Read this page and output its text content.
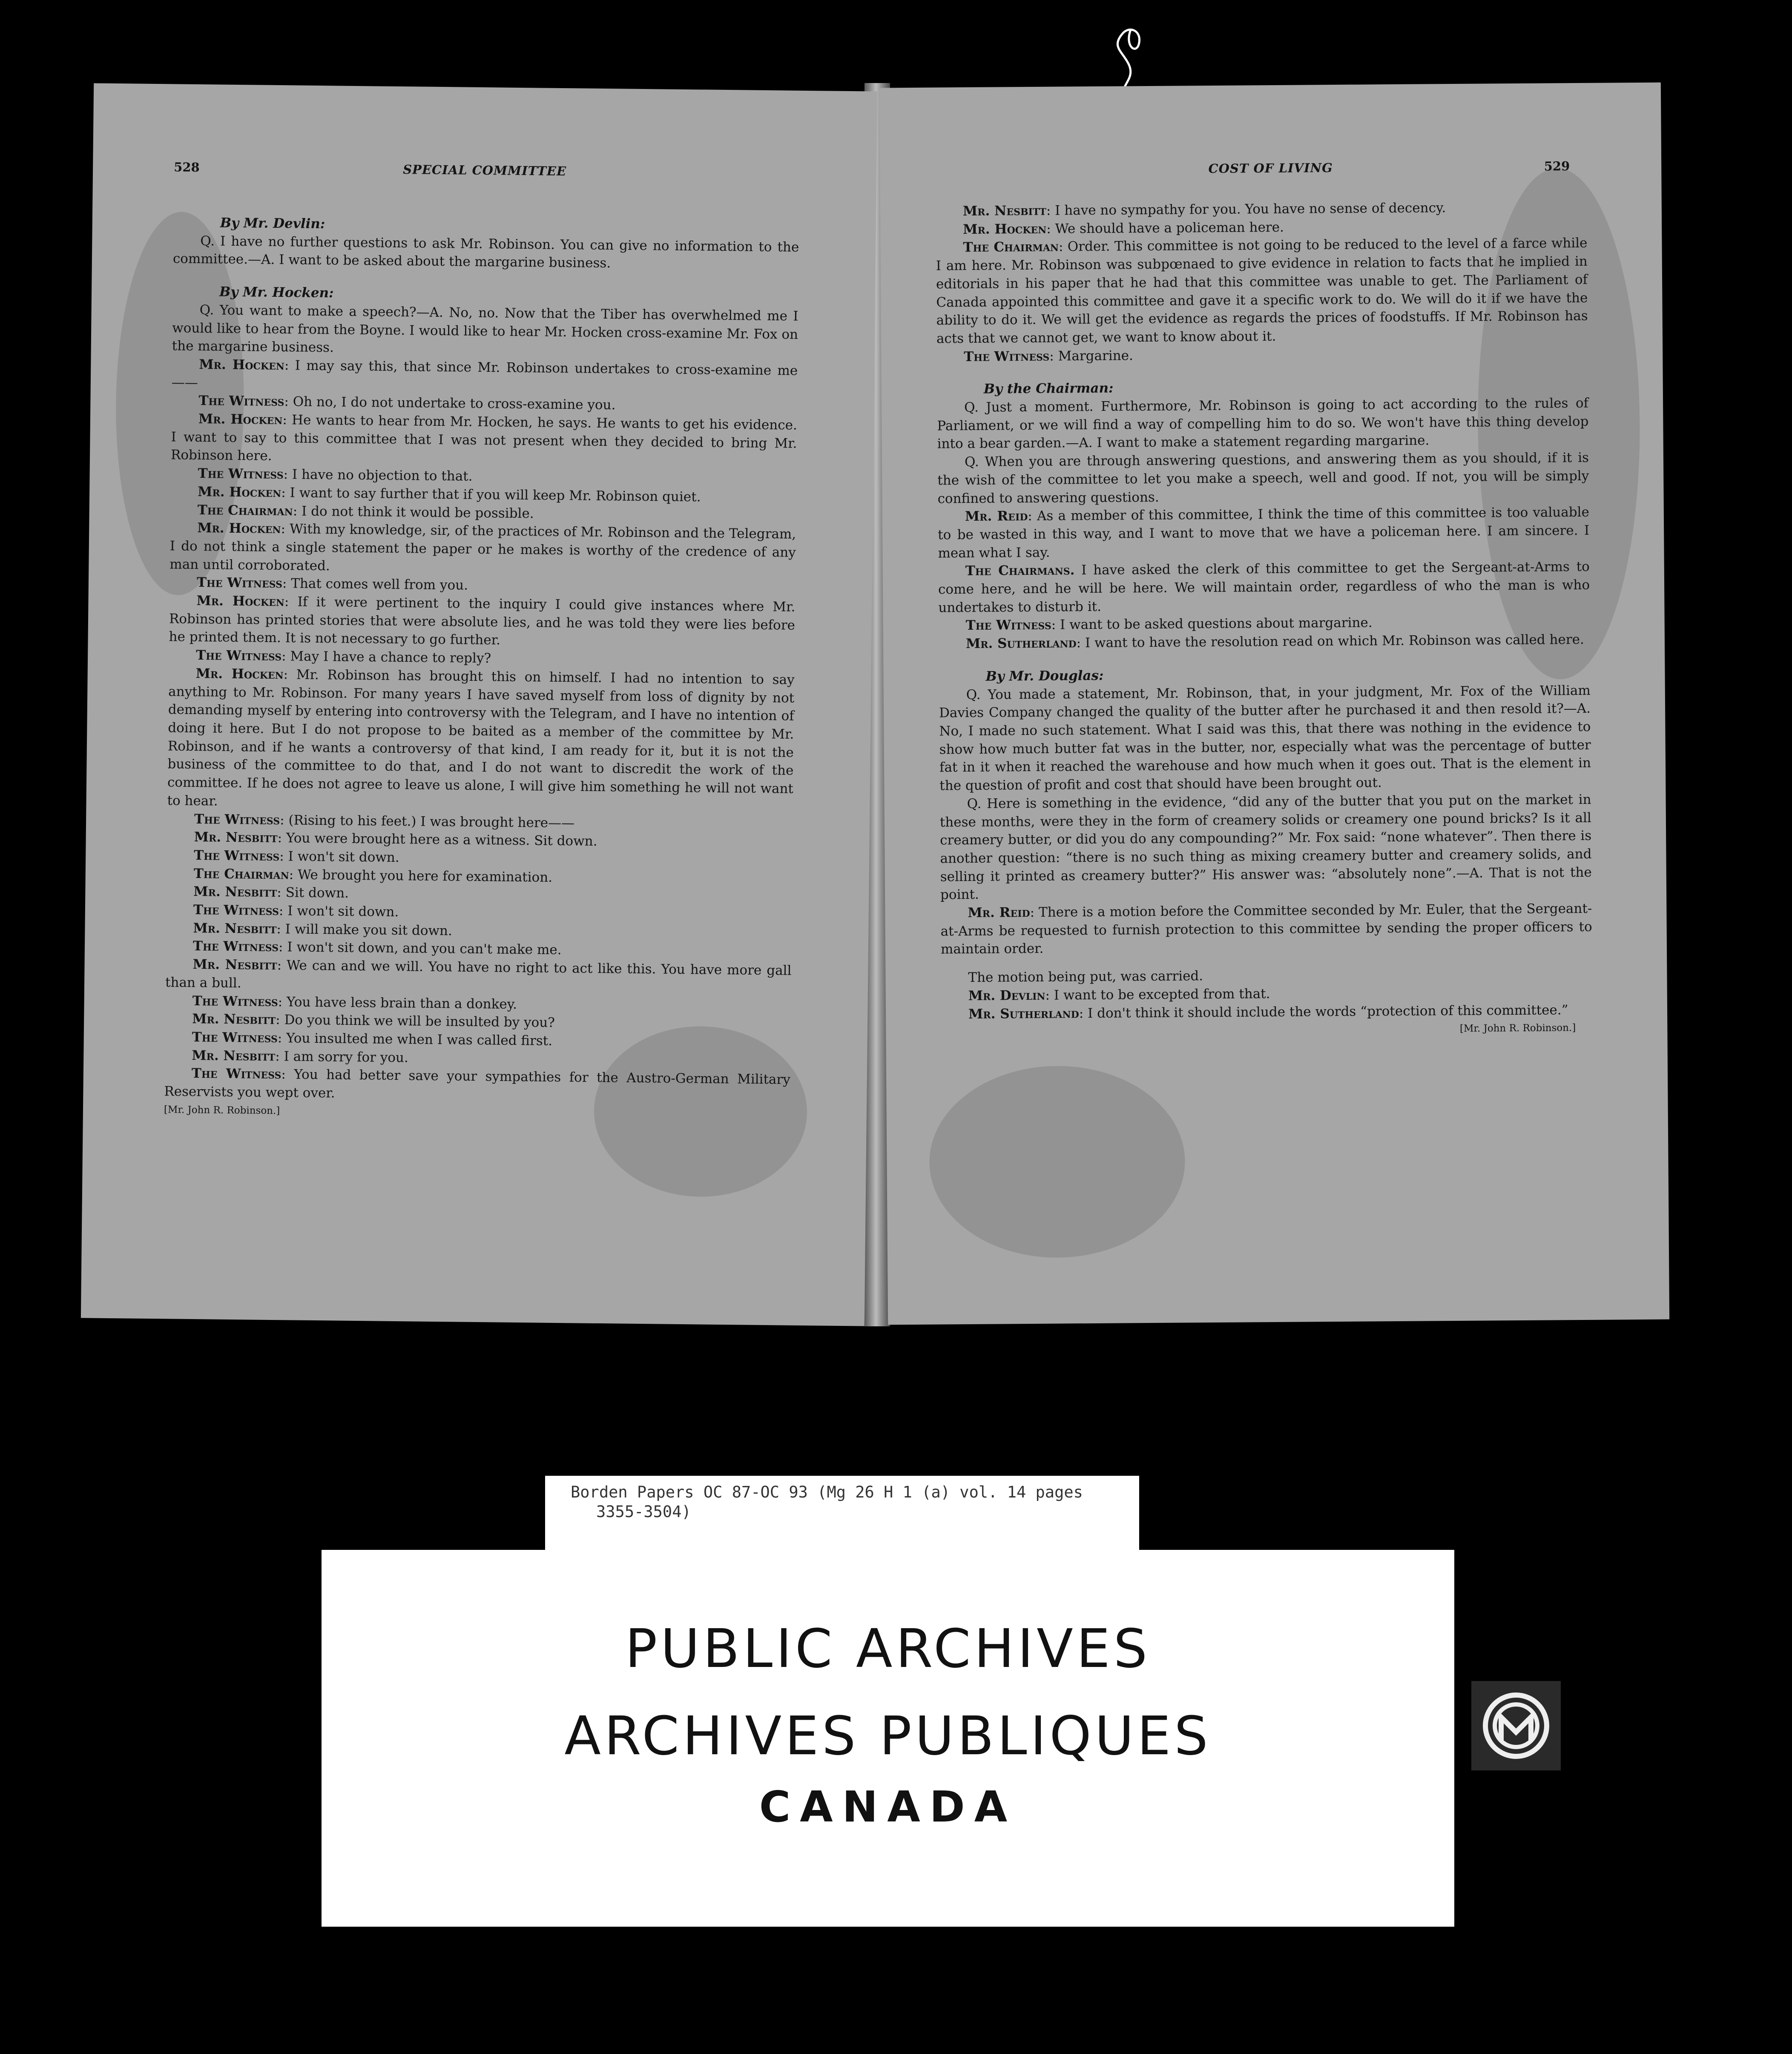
528	SPECIAL COMMITTEE

By Mr. Devlin:

Q. I have no further questions to ask Mr. Robinson. You can give no information to the committee.—A. I want to be asked about the margarine business.

By Mr. Hocken:

Q. You want to make a speech?—A. No, no. Now that the Tiber has overwhelmed me I would like to hear from the Boyne. I would like to hear Mr. Hocken cross-examine Mr. Fox on the margarine business.

Mr. Hocken: I may say this, that since Mr. Robinson undertakes to cross-examine me——

The Witness: Oh no, I do not undertake to cross-examine you.

Mr. Hocken: He wants to hear from Mr. Hocken, he says. He wants to get his evidence. I want to say to this committee that I was not present when they decided to bring Mr. Robinson here.

The Witness: I have no objection to that.

Mr. Hocken: I want to say further that if you will keep Mr. Robinson quiet.

The Chairman: I do not think it would be possible.

Mr. Hocken: With my knowledge, sir, of the practices of Mr. Robinson and the Telegram, I do not think a single statement the paper or he makes is worthy of the credence of any man until corroborated.

The Witness: That comes well from you.

Mr. Hocken: If it were pertinent to the inquiry I could give instances where Mr. Robinson has printed stories that were absolute lies, and he was told they were lies before he printed them. It is not necessary to go further.

The Witness: May I have a chance to reply?

Mr. Hocken: Mr. Robinson has brought this on himself. I had no intention to say anything to Mr. Robinson. For many years I have saved myself from loss of dignity by not demanding myself by entering into controversy with the Telegram, and I have no intention of doing it here. But I do not propose to be baited as a member of the committee by Mr. Robinson, and if he wants a controversy of that kind, I am ready for it, but it is not the business of the committee to do that, and I do not want to discredit the work of the committee. If he does not agree to leave us alone, I will give him something he will not want to hear.

The Witness: (Rising to his feet.) I was brought here——

Mr. Nesbitt: You were brought here as a witness. Sit down.

The Witness: I won't sit down.

The Chairman: We brought you here for examination.

Mr. Nesbitt: Sit down.

The Witness: I won't sit down.

Mr. Nesbitt: I will make you sit down.

The Witness: I won't sit down, and you can't make me.

Mr. Nesbitt: We can and we will. You have no right to act like this. You have more gall than a bull.

The Witness: You have less brain than a donkey.

Mr. Nesbitt: Do you think we will be insulted by you?

The Witness: You insulted me when I was called first.

Mr. Nesbitt: I am sorry for you.

The Witness: You had better save your sympathies for the Austro-German Military Reservists you wept over.

[Mr. John R. Robinson.]

COST OF LIVING	529

Mr. Nesbitt: I have no sympathy for you. You have no sense of decency.

Mr. Hocken: We should have a policeman here.

The Chairman: Order. This committee is not going to be reduced to the level of a farce while I am here. Mr. Robinson was subpœnaed to give evidence in relation to facts that he implied in editorials in his paper that he had that this committee was unable to get. The Parliament of Canada appointed this committee and gave it a specific work to do. We will do it if we have the ability to do it. We will get the evidence as regards the prices of foodstuffs. If Mr. Robinson has acts that we cannot get, we want to know about it.

The Witness: Margarine.

By the Chairman:

Q. Just a moment. Furthermore, Mr. Robinson is going to act according to the rules of Parliament, or we will find a way of compelling him to do so. We won't have this thing develop into a bear garden.—A. I want to make a statement regarding margarine.

Q. When you are through answering questions, and answering them as you should, if it is the wish of the committee to let you make a speech, well and good. If not, you will be simply confined to answering questions.

Mr. Reid: As a member of this committee, I think the time of this committee is too valuable to be wasted in this way, and I want to move that we have a policeman here. I am sincere. I mean what I say.

The Chairmans. I have asked the clerk of this committee to get the Sergeant-at-Arms to come here, and he will be here. We will maintain order, regardless of who the man is who undertakes to disturb it.

The Witness: I want to be asked questions about margarine.

Mr. Sutherland: I want to have the resolution read on which Mr. Robinson was called here.

By Mr. Douglas:

Q. You made a statement, Mr. Robinson, that, in your judgment, Mr. Fox of the William Davies Company changed the quality of the butter after he purchased it and then resold it?—A. No, I made no such statement. What I said was this, that there was nothing in the evidence to show how much butter fat was in the butter, nor, especially what was the percentage of butter fat in it when it reached the warehouse and how much when it goes out. That is the element in the question of profit and cost that should have been brought out.

Q. Here is something in the evidence, “did any of the butter that you put on the market in these months, were they in the form of creamery solids or creamery one pound bricks? Is it all creamery butter, or did you do any compounding?” Mr. Fox said: “none whatever”. Then there is another question: “there is no such thing as mixing creamery butter and creamery solids, and selling it printed as creamery butter?” His answer was: “absolutely none”.—A. That is not the point.

Mr. Reid: There is a motion before the Committee seconded by Mr. Euler, that the Sergeant-at-Arms be requested to furnish protection to this committee by sending the proper officers to maintain order.

The motion being put, was carried.

Mr. Devlin: I want to be excepted from that.

Mr. Sutherland: I don't think it should include the words “protection of this committee.”

[Mr. John R. Robinson.]

Borden Papers OC 87-OC 93 (Mg 26 H 1 (a) vol. 14 pages
3355-3504)
PUBLIC ARCHIVES
ARCHIVES PUBLIQUES
CANADA
